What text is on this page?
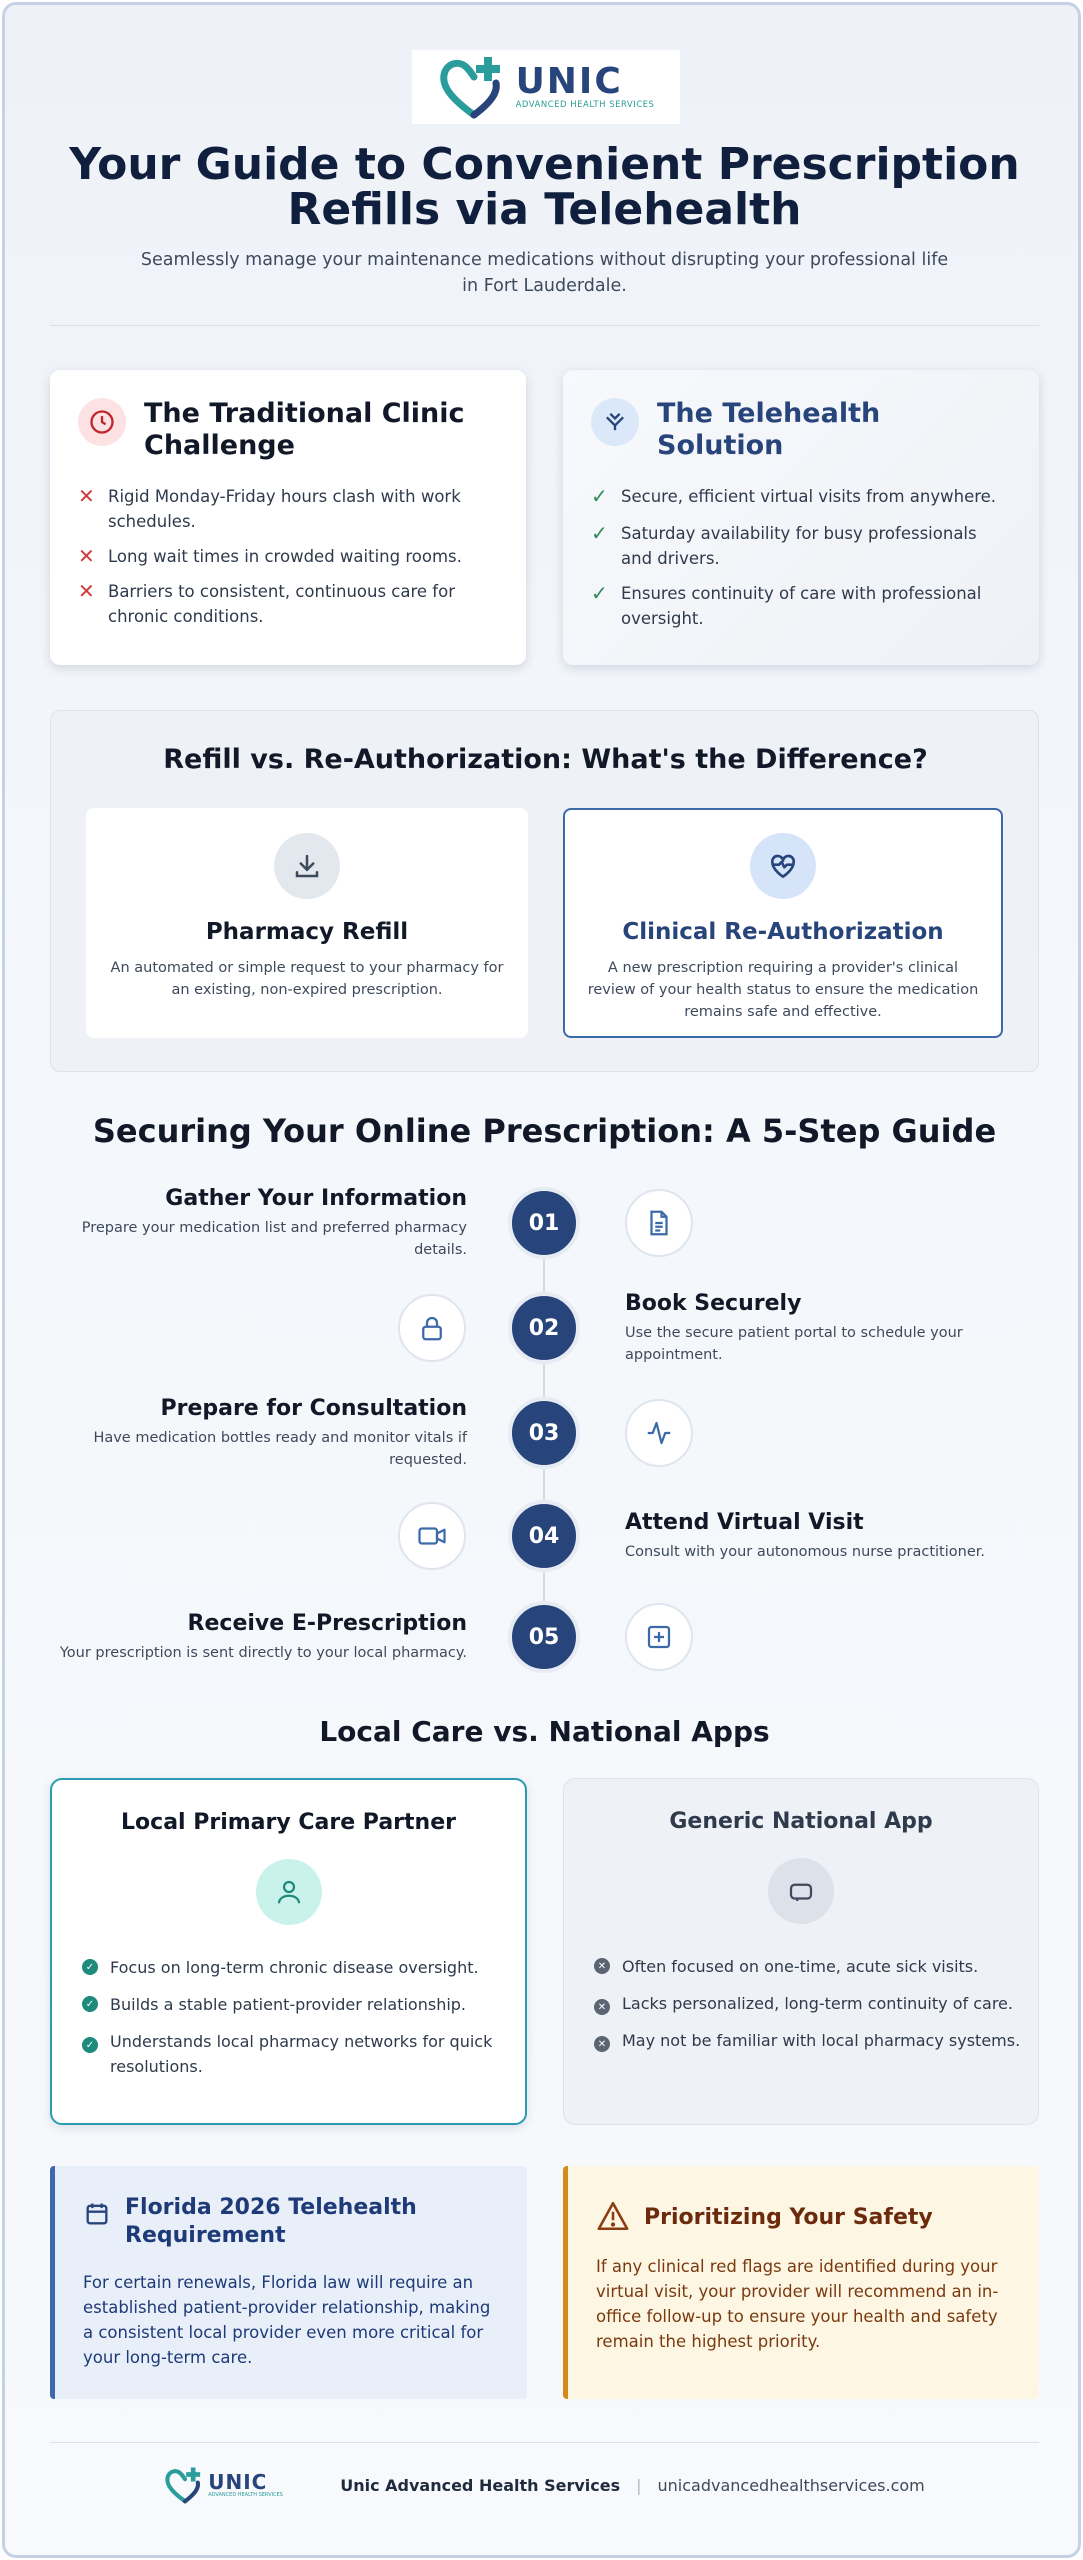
UNIC
ADVANCED HEALTH SERVICES
Your Guide to Convenient Prescription Refills via Telehealth

Seamlessly manage your maintenance medications without disrupting your professional life in Fort Lauderdale.

The Traditional Clinic Challenge
✕ Rigid Monday-Friday hours clash with work schedules.
✕ Long wait times in crowded waiting rooms.
✕ Barriers to consistent, continuous care for chronic conditions.
The Telehealth Solution
✓ Secure, efficient virtual visits from anywhere.
✓ Saturday availability for busy professionals and drivers.
✓ Ensures continuity of care with professional oversight.
Refill vs. Re-Authorization: What's the Difference?
Pharmacy Refill
An automated or simple request to your pharmacy for an existing, non-expired prescription.
Clinical Re-Authorization
A new prescription requiring a provider's clinical review of your health status to ensure the medication remains safe and effective.
Securing Your Online Prescription: A 5-Step Guide
Gather Your Information
Prepare your medication list and preferred pharmacy details.
01
02
Book Securely
Use the secure patient portal to schedule your appointment.
Prepare for Consultation
Have medication bottles ready and monitor vitals if requested.
03
04
Attend Virtual Visit
Consult with your autonomous nurse practitioner.
Receive E-Prescription
Your prescription is sent directly to your local pharmacy.
05
Local Care vs. National Apps
Local Primary Care Partner
✓ Focus on long-term chronic disease oversight.
✓ Builds a stable patient-provider relationship.
✓ Understands local pharmacy networks for quick resolutions.
Generic National App
✕ Often focused on one-time, acute sick visits.
✕ Lacks personalized, long-term continuity of care.
✕ May not be familiar with local pharmacy systems.
Florida 2026 Telehealth Requirement
For certain renewals, Florida law will require an established patient-provider relationship, making a consistent local provider even more critical for your long-term care.
Prioritizing Your Safety
If any clinical red flags are identified during your virtual visit, your provider will recommend an in-office follow-up to ensure your health and safety remain the highest priority.
UNIC
ADVANCED HEALTH SERVICES
Unic Advanced Health Services | unicadvancedhealthservices.com
